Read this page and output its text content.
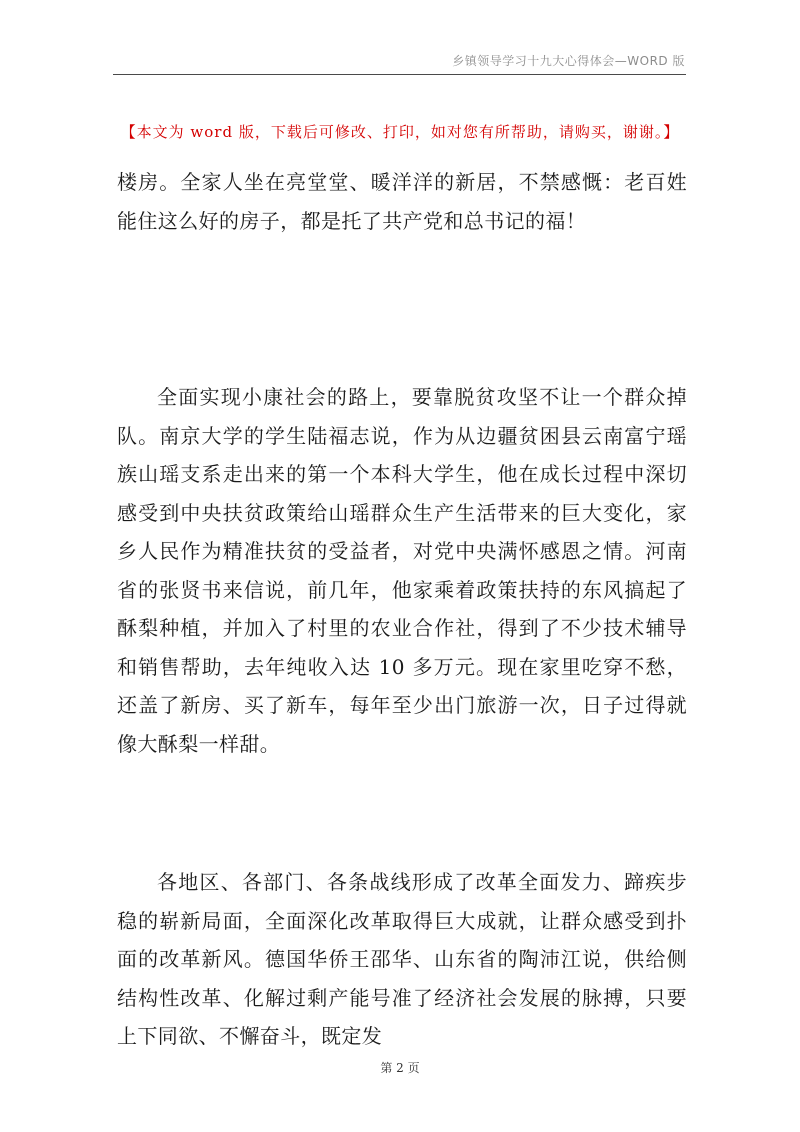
乡镇领导学习十九大心得体会—WORD 版
【本文为 word 版，下载后可修改、打印，如对您有所帮助，请购买，谢谢。】

楼房。全家人坐在亮堂堂、暖洋洋的新居，不禁感慨：老百姓能住这么好的房子，都是托了共产党和总书记的福！

全面实现小康社会的路上，要靠脱贫攻坚不让一个群众掉队。南京大学的学生陆福志说，作为从边疆贫困县云南富宁瑶族山瑶支系走出来的第一个本科大学生，他在成长过程中深切感受到中央扶贫政策给山瑶群众生产生活带来的巨大变化，家乡人民作为精准扶贫的受益者，对党中央满怀感恩之情。河南省的张贤书来信说，前几年，他家乘着政策扶持的东风搞起了酥梨种植，并加入了村里的农业合作社，得到了不少技术辅导和销售帮助，去年纯收入达 10 多万元。现在家里吃穿不愁，还盖了新房、买了新车，每年至少出门旅游一次，日子过得就像大酥梨一样甜。

各地区、各部门、各条战线形成了改革全面发力、蹄疾步稳的崭新局面，全面深化改革取得巨大成就，让群众感受到扑面的改革新风。德国华侨王邵华、山东省的陶沛江说，供给侧结构性改革、化解过剩产能号准了经济社会发展的脉搏，只要上下同欲、不懈奋斗，既定发

第 2 页
